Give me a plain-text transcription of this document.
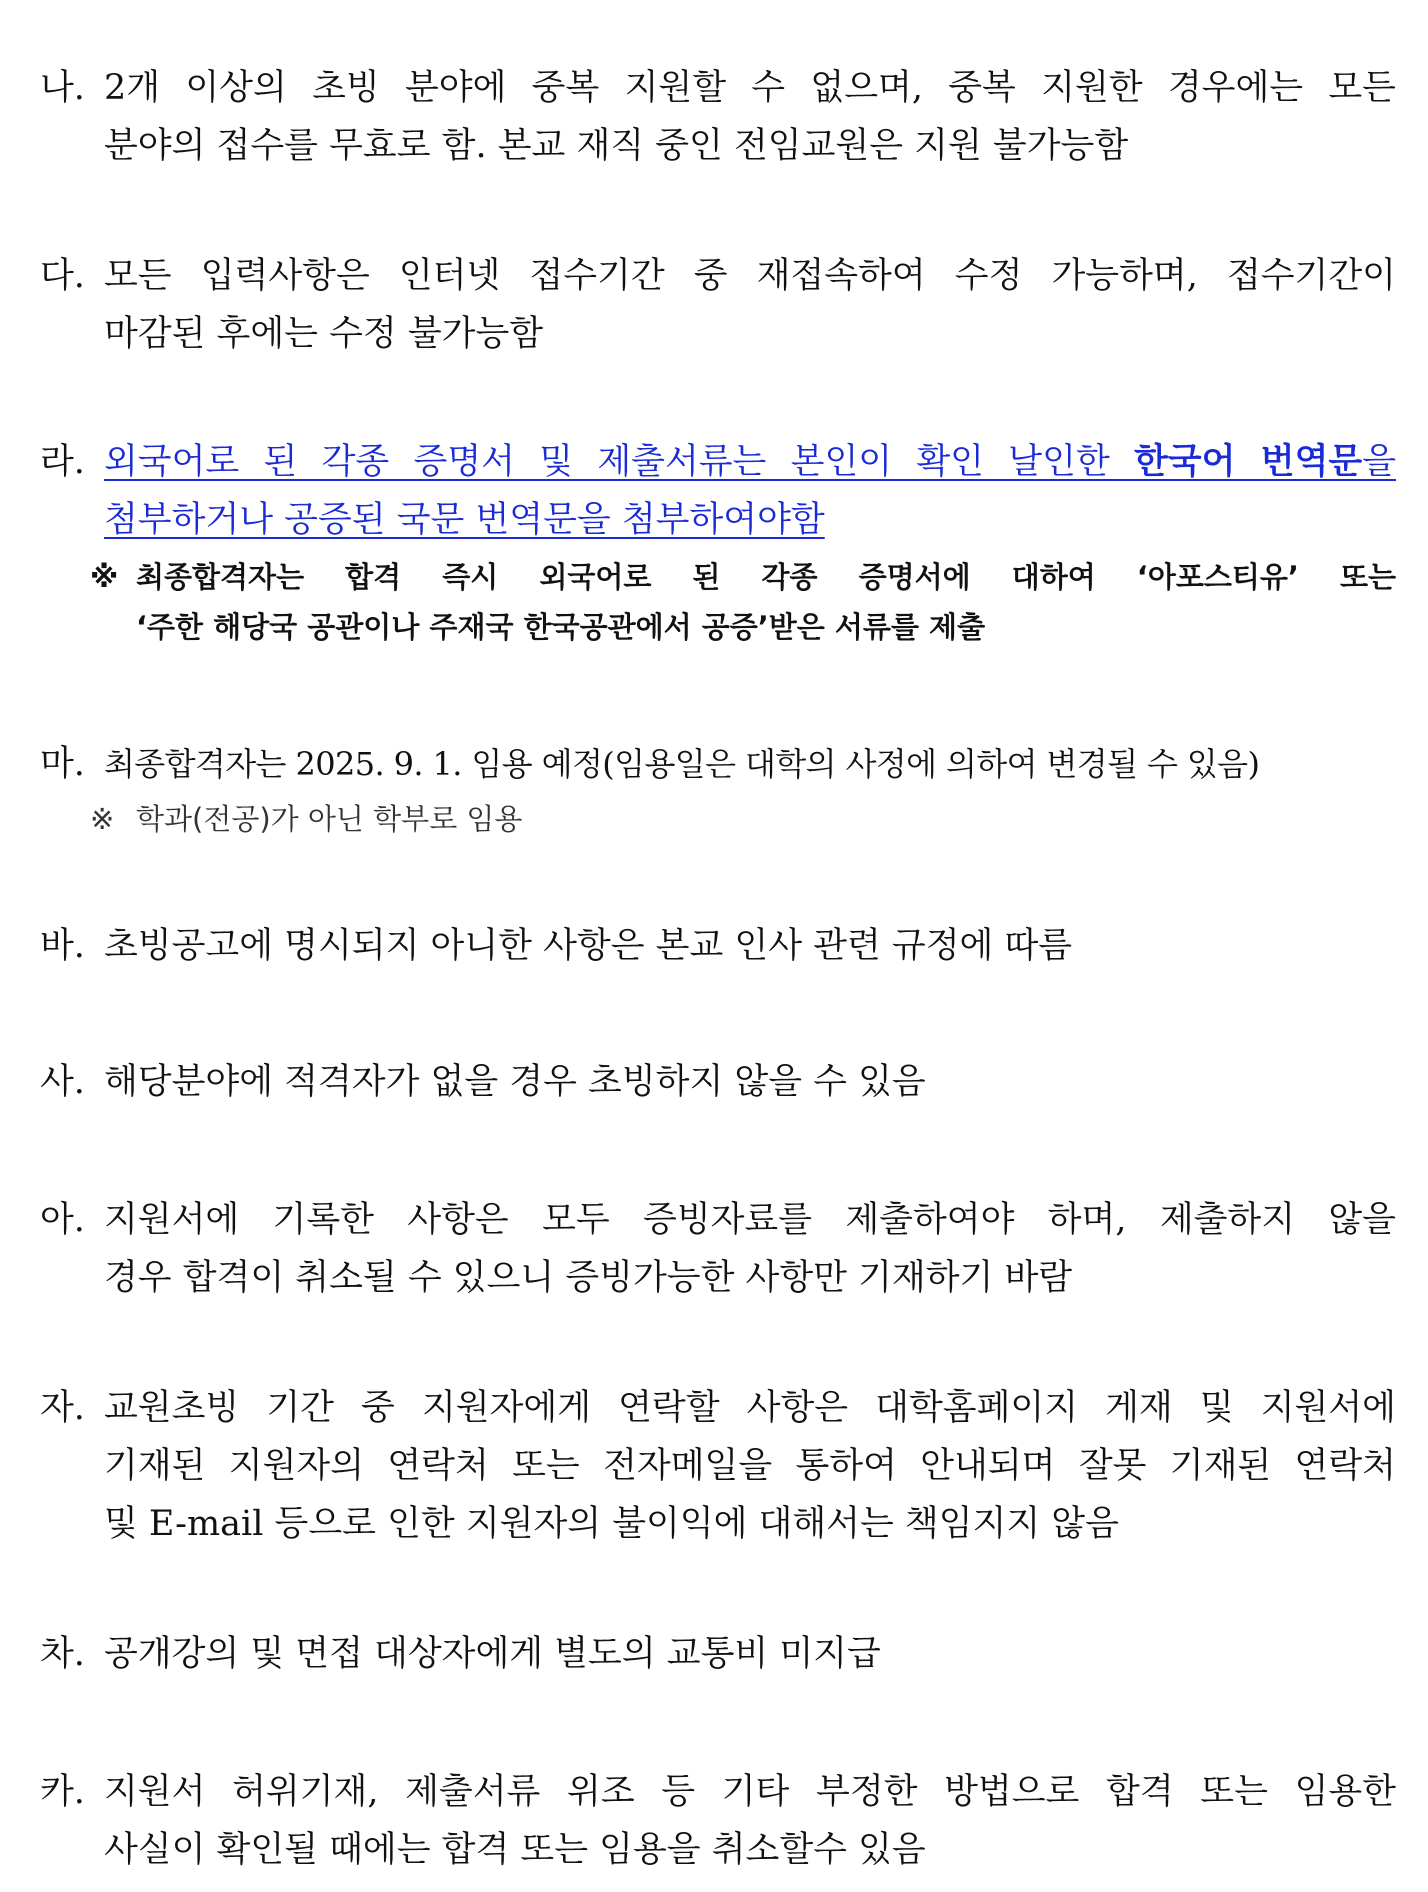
나. 2개 이상의 초빙 분야에 중복 지원할 수 없으며, 중복 지원한 경우에는 모든
분야의 접수를 무효로 함. 본교 재직 중인 전임교원은 지원 불가능함
다. 모든 입력사항은 인터넷 접수기간 중 재접속하여 수정 가능하며, 접수기간이
마감된 후에는 수정 불가능함
라. 외국어로 된 각종 증명서 및 제출서류는 본인이 확인 날인한 한국어 번역문을
첨부하거나 공증된 국문 번역문을 첨부하여야함
※ 최종합격자는 합격 즉시 외국어로 된 각종 증명서에 대하여 ‘아포스티유’ 또는
‘주한 해당국 공관이나 주재국 한국공관에서 공증’받은 서류를 제출
마. 최종합격자는 2025. 9. 1. 임용 예정(임용일은 대학의 사정에 의하여 변경될 수 있음)
※ 학과(전공)가 아닌 학부로 임용
바. 초빙공고에 명시되지 아니한 사항은 본교 인사 관련 규정에 따름
사. 해당분야에 적격자가 없을 경우 초빙하지 않을 수 있음
아. 지원서에 기록한 사항은 모두 증빙자료를 제출하여야 하며, 제출하지 않을
경우 합격이 취소될 수 있으니 증빙가능한 사항만 기재하기 바람
자. 교원초빙 기간 중 지원자에게 연락할 사항은 대학홈페이지 게재 및 지원서에
기재된 지원자의 연락처 또는 전자메일을 통하여 안내되며 잘못 기재된 연락처
및 E-mail 등으로 인한 지원자의 불이익에 대해서는 책임지지 않음
차. 공개강의 및 면접 대상자에게 별도의 교통비 미지급
카. 지원서 허위기재, 제출서류 위조 등 기타 부정한 방법으로 합격 또는 임용한
사실이 확인될 때에는 합격 또는 임용을 취소할수 있음
